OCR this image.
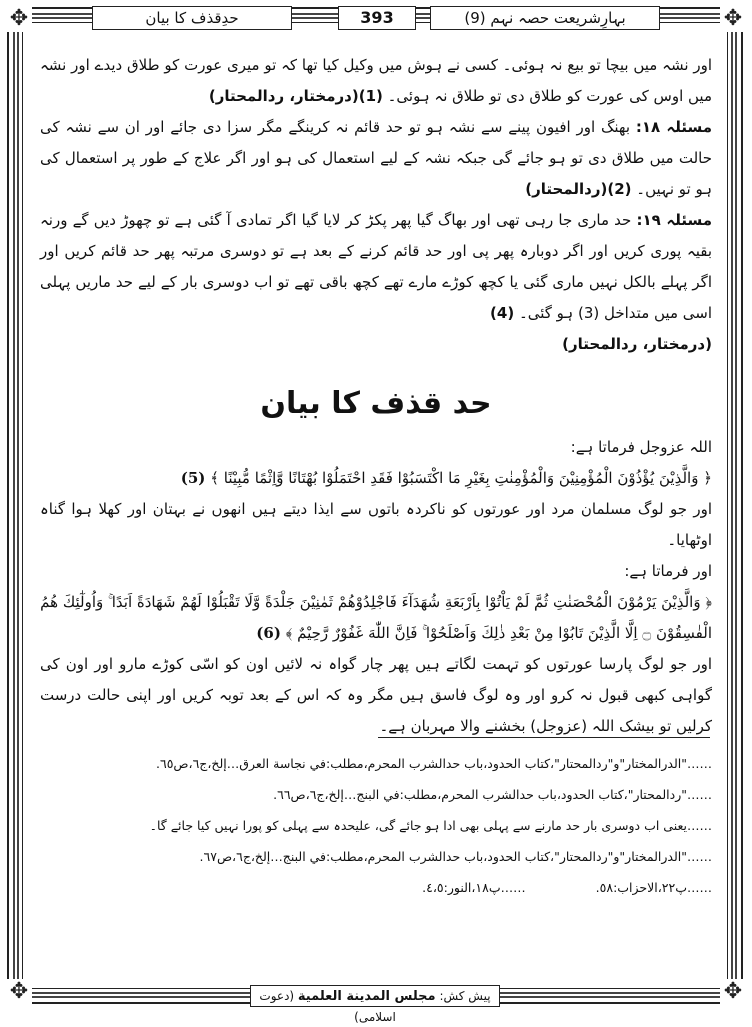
✥	✥
✥	✥
بہارِشریعت حصہ نہم (9)
393
حدِقذف کا بیان

اور نشہ میں بیچا تو بیع نہ ہوئی۔ کسی نے ہوش میں وکیل کیا تھا کہ تو میری عورت کو طلاق دیدے اور نشہ میں اوس کی عورت کو طلاق دی تو طلاق نہ ہوئی۔ (1)(درمختار، ردالمحتار)

مسئلہ ۱۸: بھنگ اور افیون پینے سے نشہ ہو تو حد قائم نہ کرینگے مگر سزا دی جائے اور ان سے نشہ کی حالت میں طلاق دی تو ہو جائے گی جبکہ نشہ کے لیے استعمال کی ہو اور اگر علاج کے طور پر استعمال کی ہو تو نہیں۔ (2)(ردالمحتار)

مسئلہ ۱۹: حد ماری جا رہی تھی اور بھاگ گیا پھر پکڑ کر لایا گیا اگر تمادی آ گئی ہے تو چھوڑ دیں گے ورنہ بقیہ پوری کریں اور اگر دوبارہ پھر پی اور حد قائم کرنے کے بعد ہے تو دوسری مرتبہ پھر حد قائم کریں اور اگر پہلے بالکل نہیں ماری گئی یا کچھ کوڑے مارے تھے کچھ باقی تھے تو اب دوسری بار کے لیے حد ماریں پہلی اسی میں متداخل (3) ہو گئی۔ (4)
(درمختار، ردالمحتار)

حد قذف کا بیان

اللہ عزوجل فرماتا ہے:

﴿ وَالَّذِيْنَ يُؤْذُوْنَ الْمُؤْمِنِيْنَ وَالْمُؤْمِنٰتِ بِغَيْرِ مَا اكْتَسَبُوْا فَقَدِ احْتَمَلُوْا بُهْتَانًا وَّاِثْمًا مُّبِيْنًا ﴾ (5)

اور جو لوگ مسلمان مرد اور عورتوں کو ناکردہ باتوں سے ایذا دیتے ہیں انھوں نے بہتان اور کھلا ہوا گناہ اوٹھایا۔

اور فرماتا ہے:

﴿ وَالَّذِيْنَ يَرْمُوْنَ الْمُحْصَنٰتِ ثُمَّ لَمْ يَاْتُوْا بِاَرْبَعَةِ شُهَدَآءَ فَاجْلِدُوْهُمْ ثَمٰنِيْنَ جَلْدَةً وَّلَا تَقْبَلُوْا لَهُمْ شَهَادَةً اَبَدًا ۚ وَاُولٰٓئِكَ هُمُ الْفٰسِقُوْنَ ۝ اِلَّا الَّذِيْنَ تَابُوْا مِنْ بَعْدِ ذٰلِكَ وَاَصْلَحُوْا ۚ فَاِنَّ اللّٰهَ غَفُوْرٌ رَّحِيْمٌ ﴾ (6)

اور جو لوگ پارسا عورتوں کو تہمت لگاتے ہیں پھر چار گواہ نہ لائیں اون کو اسّی کوڑے مارو اور اون کی گواہی کبھی قبول نہ کرو اور وہ لوگ فاسق ہیں مگر وہ کہ اس کے بعد توبہ کریں اور اپنی حالت درست کرلیں تو بیشک اللہ (عزوجل) بخشنے والا مہربان ہے۔

……"الدرالمختار"و"ردالمحتار"،كتاب الحدود،باب حدالشرب المحرم،مطلب:في نجاسة العرق…إلخ،ج٦،ص٦٥.

……"ردالمحتار"،كتاب الحدود،باب حدالشرب المحرم،مطلب:في البنج…إلخ،ج٦،ص٦٦.

……یعنی اب دوسری بار حد مارنے سے پہلی بھی ادا ہو جائے گی، علیحدہ سے پہلی کو پورا نہیں کیا جائے گا۔

……"الدرالمختار"و"ردالمحتار"،كتاب الحدود،باب حدالشرب المحرم،مطلب:في البنج…إلخ،ج٦،ص٦٧.

……پ٢٢،الاحزاب:٥٨.
……پ١٨،النور:٤،٥.
پیش کش: مجلس المدينة العلمية (دعوت اسلامی)
